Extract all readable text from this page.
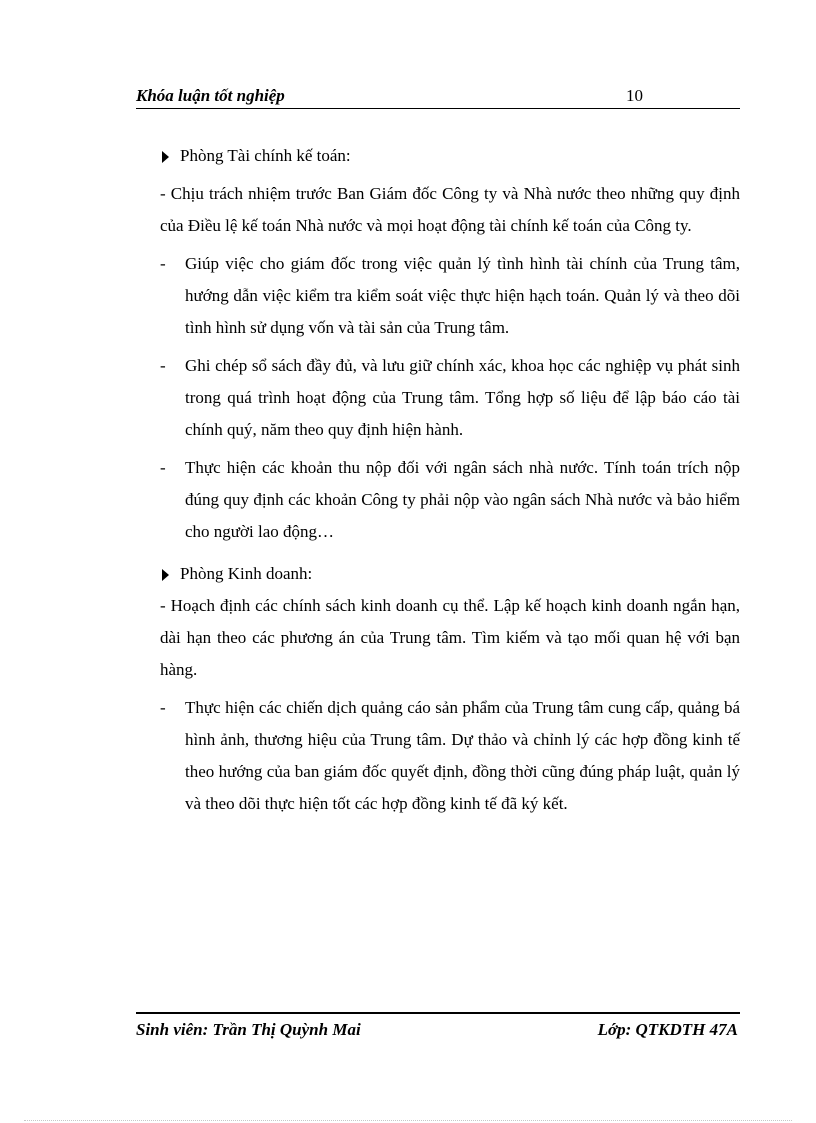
Khóa luận tốt nghiệp	10
Phòng Tài chính kế toán:

- Chịu trách nhiệm trước Ban Giám đốc Công ty và Nhà nước theo những quy định của Điều lệ kế toán Nhà nước và mọi hoạt động tài chính kế toán của Công ty.

- Giúp việc cho giám đốc trong việc quản lý tình hình tài chính của Trung tâm, hướng dẫn việc kiểm tra kiểm soát việc thực hiện hạch toán. Quản lý và theo dõi tình hình sử dụng vốn và tài sản của Trung tâm.
- Ghi chép sổ sách đầy đủ, và lưu giữ chính xác, khoa học các nghiệp vụ phát sinh trong quá trình hoạt động của Trung tâm. Tổng hợp số liệu để lập báo cáo tài chính quý, năm theo quy định hiện hành.
- Thực hiện các khoản thu nộp đối với ngân sách nhà nước. Tính toán trích nộp đúng quy định các khoản Công ty phải nộp vào ngân sách Nhà nước và bảo hiểm cho người lao động…
Phòng Kinh doanh:

- Hoạch định các chính sách kinh doanh cụ thể. Lập kế hoạch kinh doanh ngắn hạn, dài hạn theo các phương án của Trung tâm. Tìm kiếm và tạo mối quan hệ với bạn hàng.

- Thực hiện các chiến dịch quảng cáo sản phẩm của Trung tâm cung cấp, quảng bá hình ảnh, thương hiệu của Trung tâm. Dự thảo và chỉnh lý các hợp đồng kinh tế theo hướng của ban giám đốc quyết định, đồng thời cũng đúng pháp luật, quản lý và theo dõi thực hiện tốt các hợp đồng kinh tế đã ký kết.
Sinh viên: Trần Thị Quỳnh Mai	Lớp: QTKDTH 47A
